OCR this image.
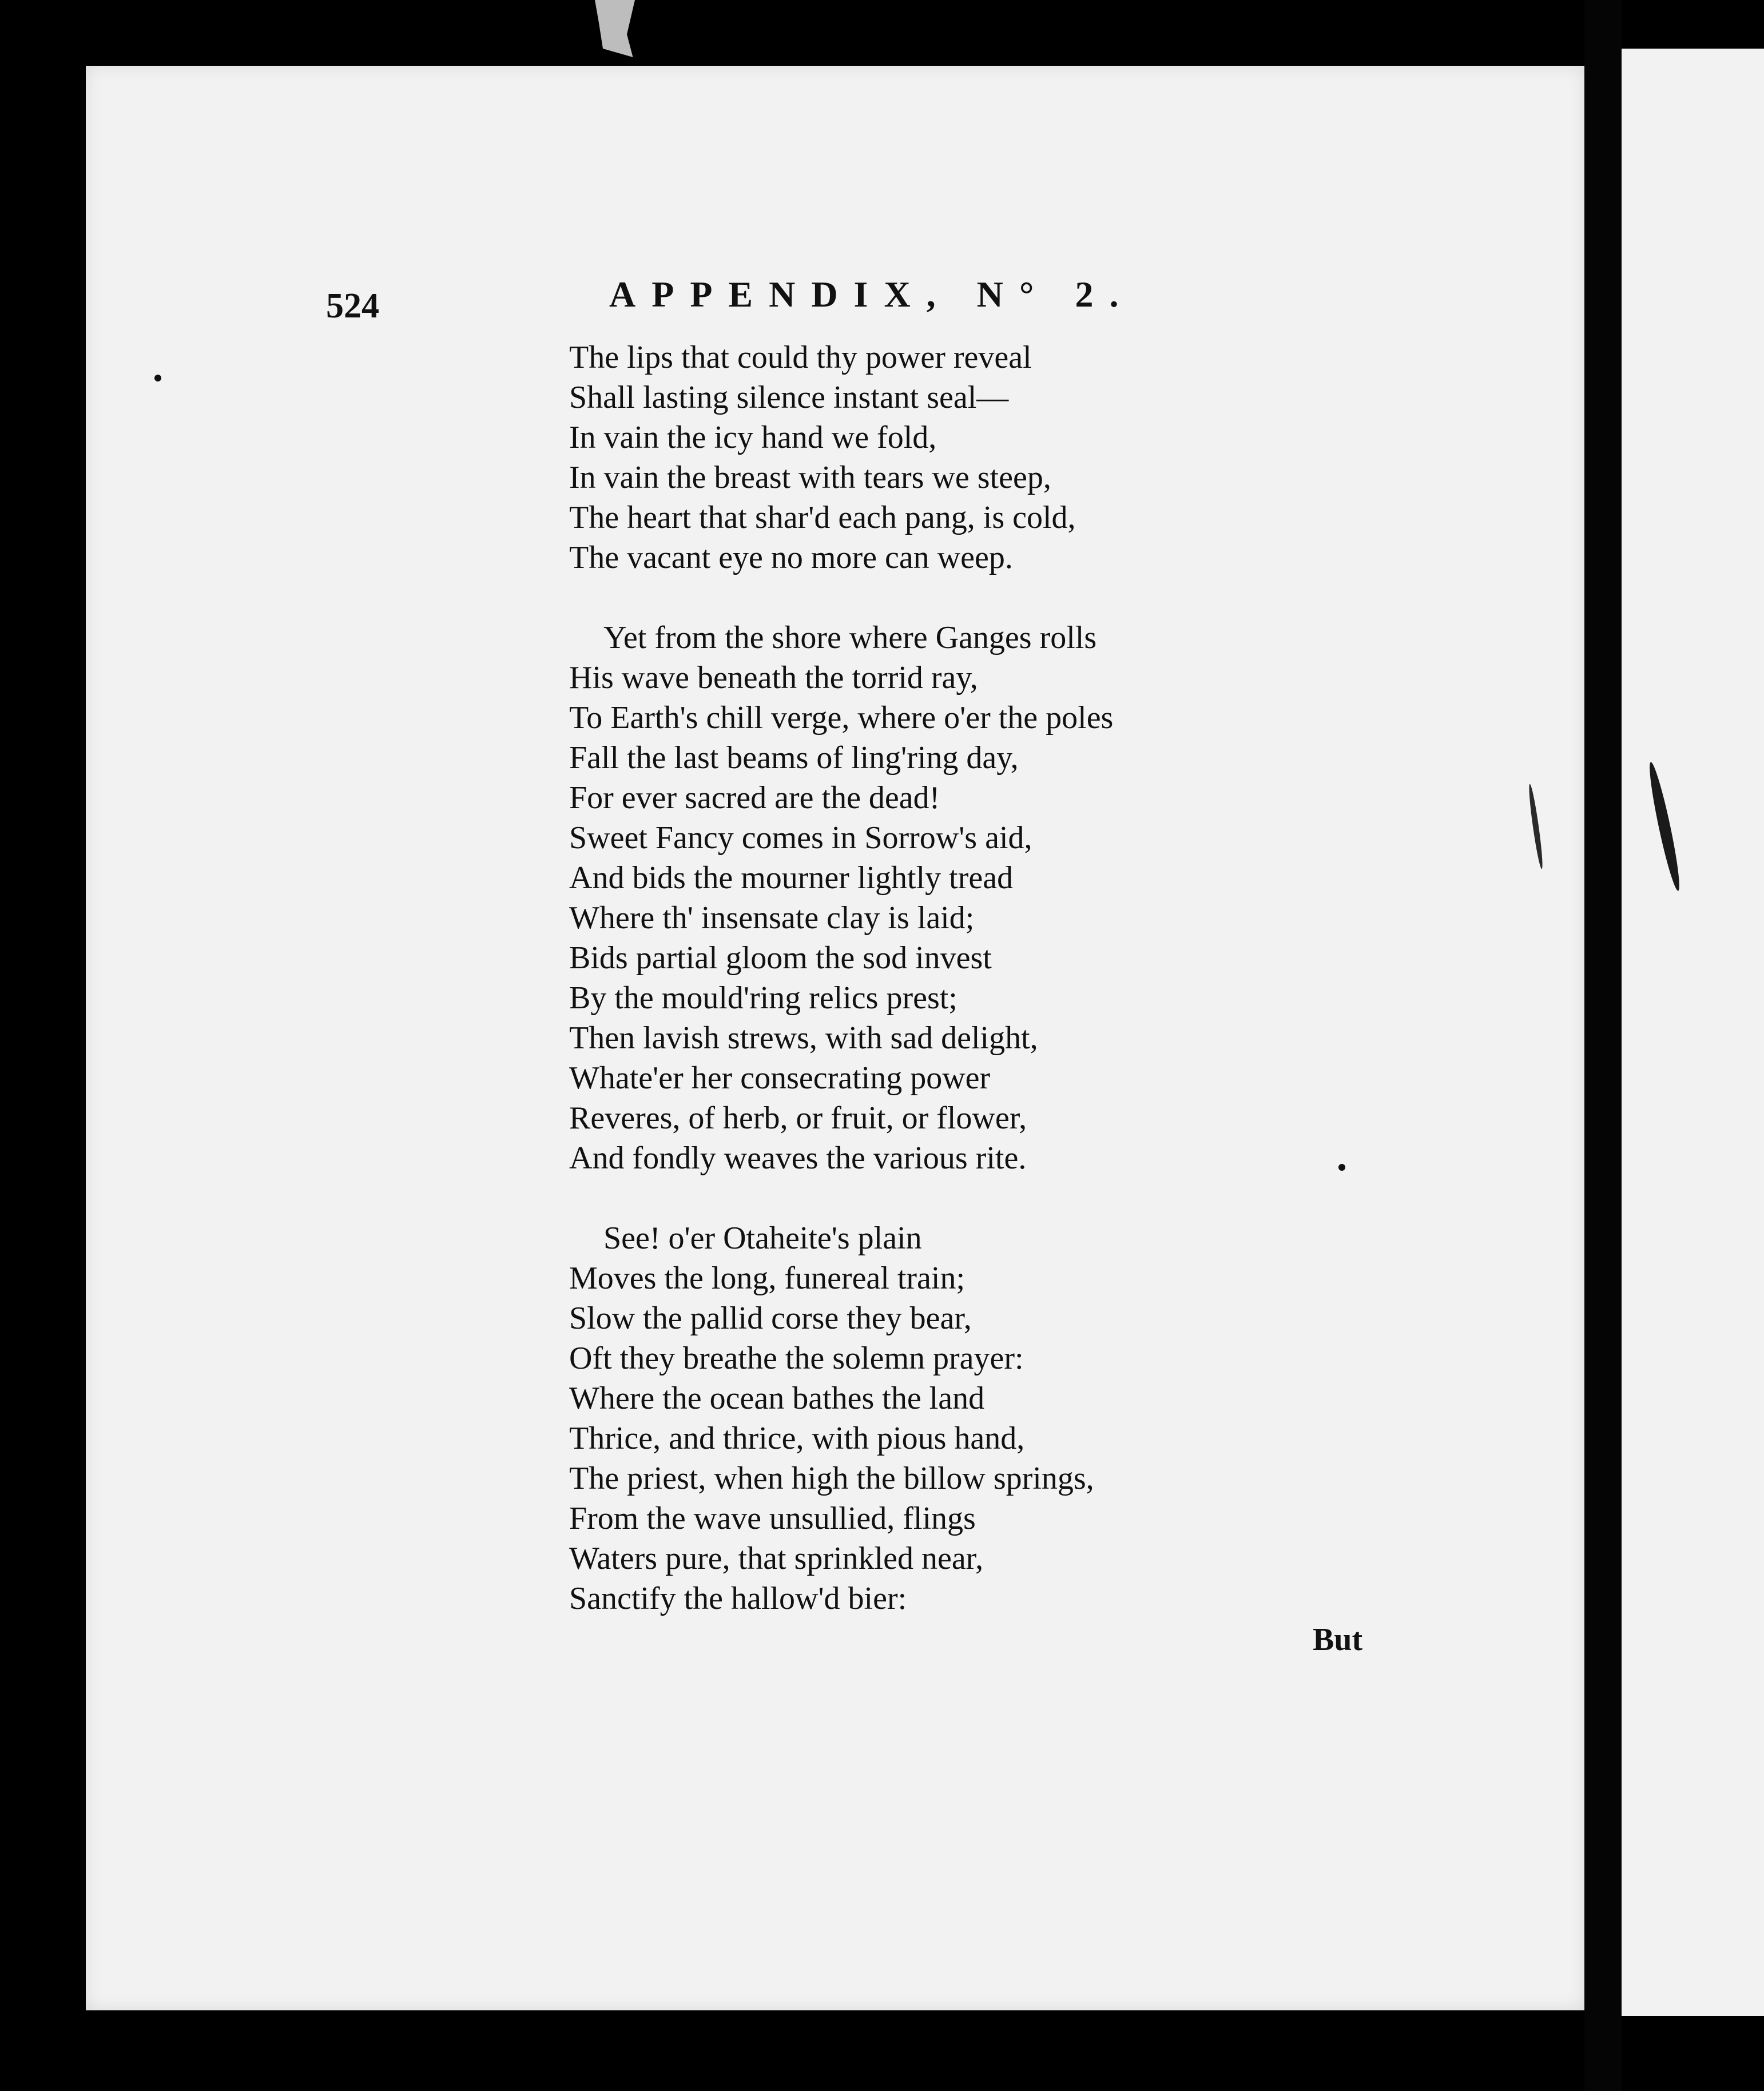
524	APPENDIX, N° 2.
The lips that could thy power reveal
Shall lasting silence instant seal—
In vain the icy hand we fold,
In vain the breast with tears we steep,
The heart that shar'd each pang, is cold,
The vacant eye no more can weep.
Yet from the shore where Ganges rolls
His wave beneath the torrid ray,
To Earth's chill verge, where o'er the poles
Fall the last beams of ling'ring day,
For ever sacred are the dead!
Sweet Fancy comes in Sorrow's aid,
And bids the mourner lightly tread
Where th' insensate clay is laid;
Bids partial gloom the sod invest
By the mould'ring relics prest;
Then lavish strews, with sad delight,
Whate'er her consecrating power
Reveres, of herb, or fruit, or flower,
And fondly weaves the various rite.
See! o'er Otaheite's plain
Moves the long, funereal train;
Slow the pallid corse they bear,
Oft they breathe the solemn prayer:
Where the ocean bathes the land
Thrice, and thrice, with pious hand,
The priest, when high the billow springs,
From the wave unsullied, flings
Waters pure, that sprinkled near,
Sanctify the hallow'd bier:
But
